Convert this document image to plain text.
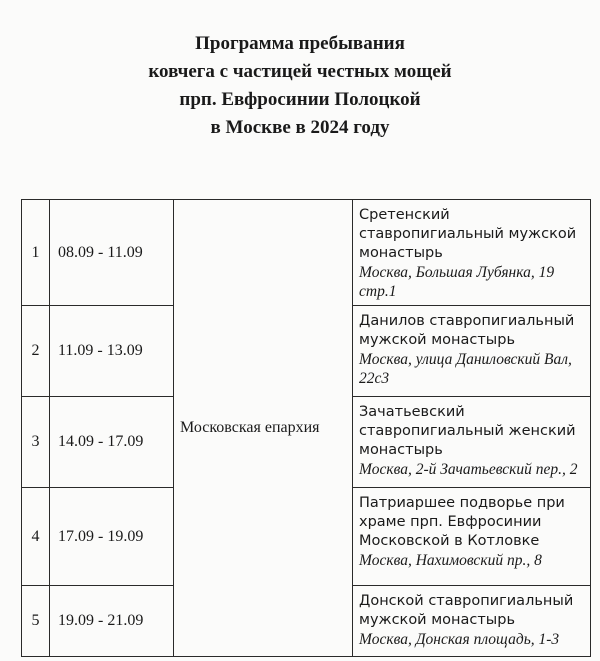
Программа пребывания
ковчега с частицей честных мощей
прп. Евфросинии Полоцкой
в Москве в 2024 году
1	08.09 - 11.09	Московская епархия	Сретенский ставропигиальный мужской монастырь
Москва, Большая Лубянка, 19 стр.1

2	11.09 - 13.09		Данилов ставропигиальный мужской монастырь
Москва, улица Даниловский Вал, 22с3

3	14.09 - 17.09		Зачатьевский ставропигиальный женский монастырь
Москва, 2-й Зачатьевский пер., 2

4	17.09 - 19.09		Патриаршее подворье при храме прп. Евфросинии Московской в Котловке
Москва, Нахимовский пр., 8

5	19.09 - 21.09		Донской ставропигиальный мужской монастырь
Москва, Донская площадь, 1-3
